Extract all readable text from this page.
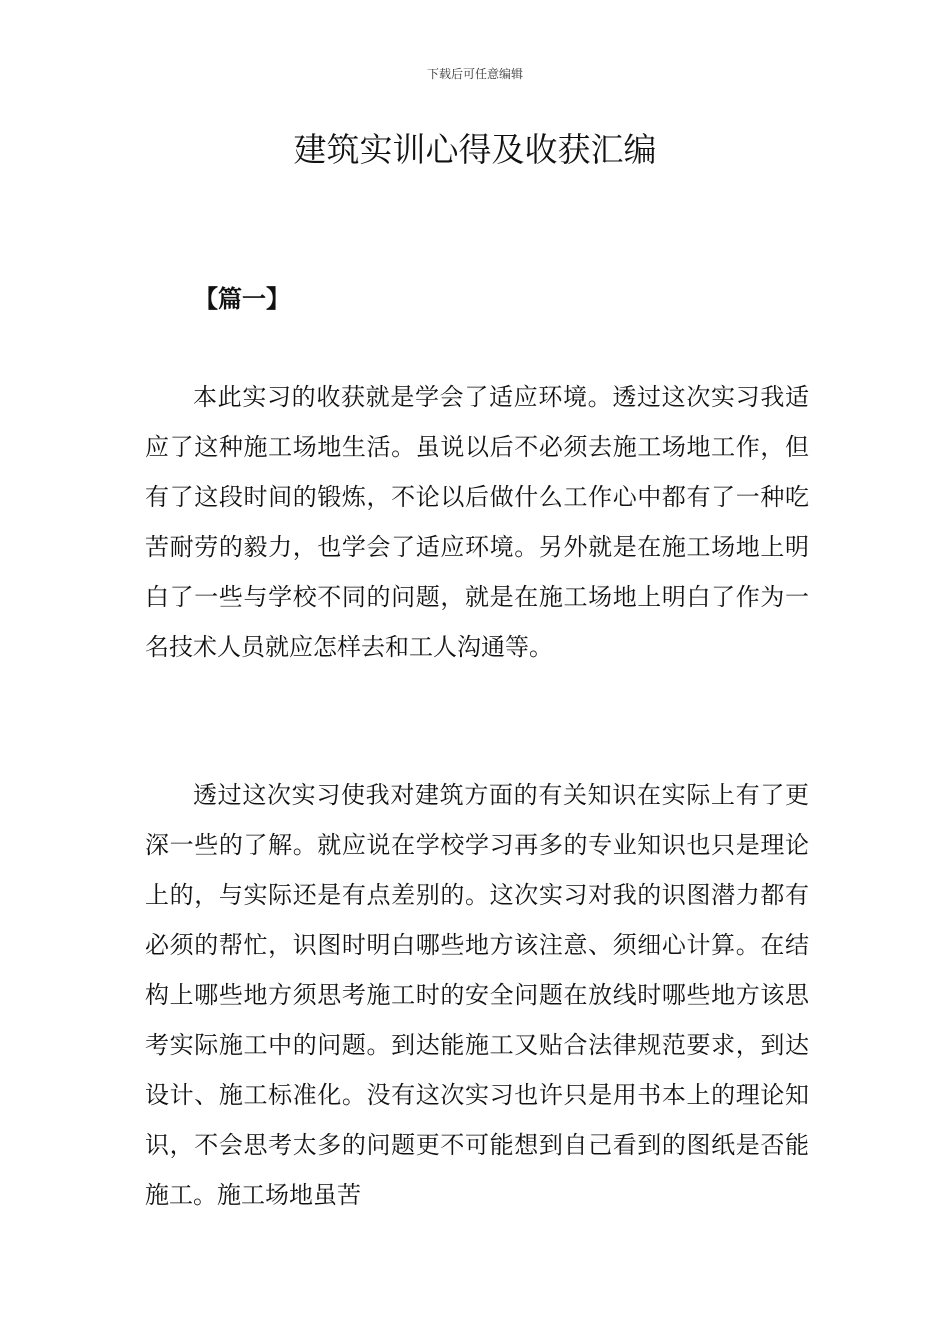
下载后可任意编辑
建筑实训心得及收获汇编
【篇一】

本此实习的收获就是学会了适应环境。透过这次实习我适应了这种施工场地生活。虽说以后不必须去施工场地工作，但有了这段时间的锻炼，不论以后做什么工作心中都有了一种吃苦耐劳的毅力，也学会了适应环境。另外就是在施工场地上明白了一些与学校不同的问题，就是在施工场地上明白了作为一名技术人员就应怎样去和工人沟通等。

透过这次实习使我对建筑方面的有关知识在实际上有了更深一些的了解。就应说在学校学习再多的专业知识也只是理论上的，与实际还是有点差别的。这次实习对我的识图潜力都有必须的帮忙，识图时明白哪些地方该注意、须细心计算。在结构上哪些地方须思考施工时的安全问题在放线时哪些地方该思考实际施工中的问题。到达能施工又贴合法律规范要求，到达设计、施工标准化。没有这次实习也许只是用书本上的理论知识，不会思考太多的问题更不可能想到自己看到的图纸是否能施工。施工场地虽苦
